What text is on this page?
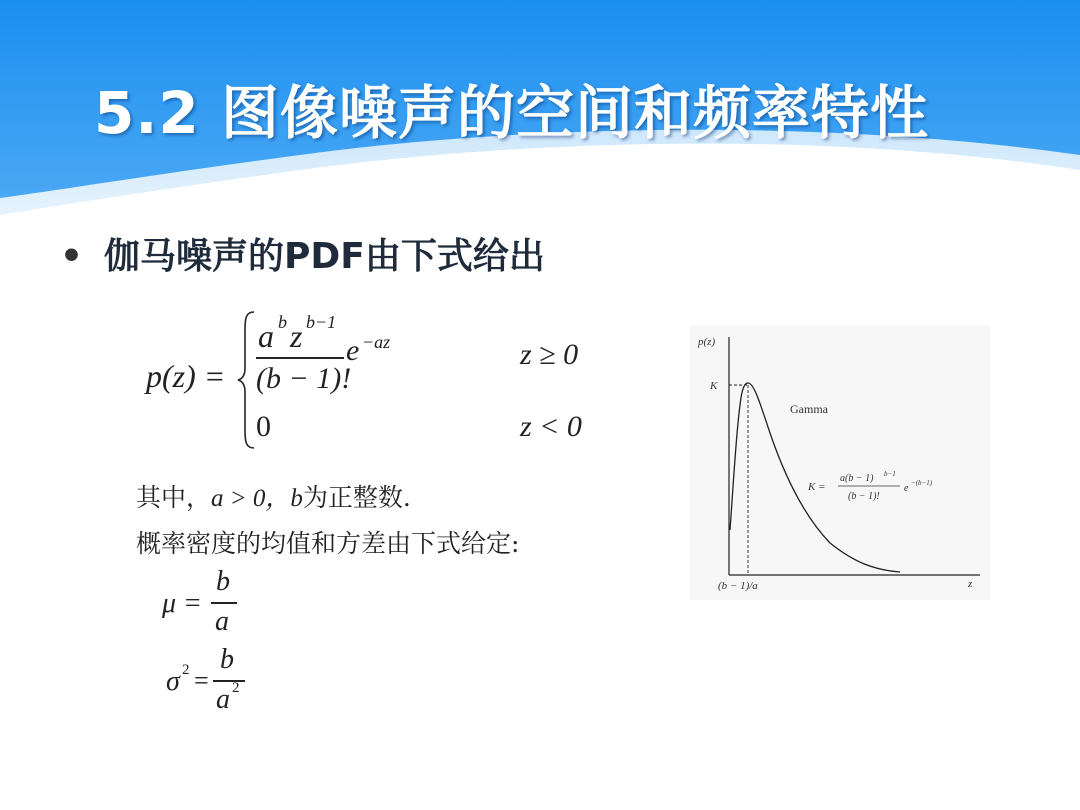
5.2 图像噪声的空间和频率特性
• 伽马噪声的PDF由下式给出
p(z) =
a b z b−1
(b − 1)!
e −az	z ≥ 0
0	z < 0
其中，a > 0，b为正整数.
概率密度的均值和方差由下式给定:
μ =
b
a
σ 2 =
b
a 2
p(z)
K
Gamma
(b − 1)/a	z
K =
a(b − 1) b−1
(b − 1)!
e −(b−1)
